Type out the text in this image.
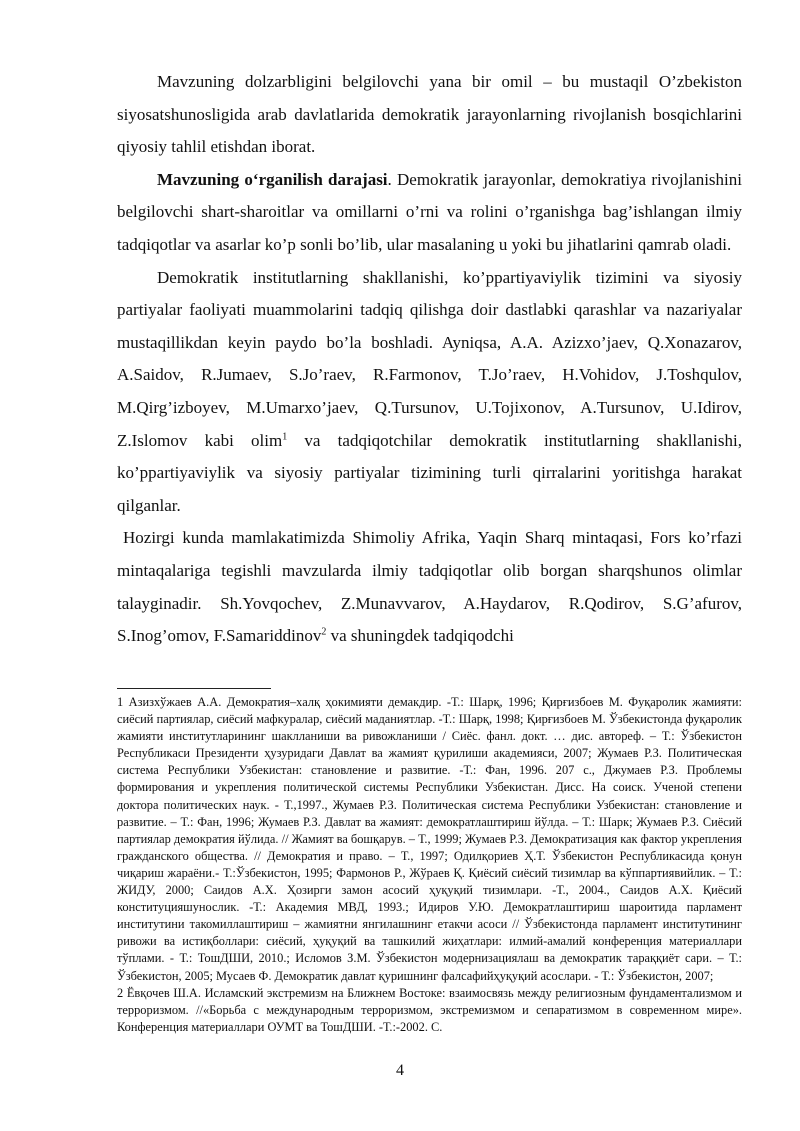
Mavzuning dolzarbligini belgilovchi yana bir omil – bu mustaqil O’zbekiston siyosatshunosligida arab davlatlarida demokratik jarayonlarning rivojlanish bosqichlarini qiyosiy tahlil etishdan iborat.

Mavzuning oʻrganilish darajasi. Demokratik jarayonlar, demokratiya rivojlanishini belgilovchi shart-sharoitlar va omillarni o’rni va rolini o’rganishga bag’ishlangan ilmiy tadqiqotlar va asarlar ko’p sonli bo’lib, ular masalaning u yoki bu jihatlarini qamrab oladi.

Demokratik institutlarning shakllanishi, ko’ppartiyaviylik tizimini va siyosiy partiyalar faoliyati muammolarini tadqiq qilishga doir dastlabki qarashlar va nazariyalar mustaqillikdan keyin paydo bo’la boshladi. Ayniqsa, A.A. Azizxo’jaev, Q.Xonazarov, A.Saidov, R.Jumaev, S.Jo’raev, R.Farmonov, T.Jo’raev, H.Vohidov, J.Toshqulov, M.Qirg’izboyev, M.Umarxo’jaev, Q.Tursunov, U.Tojixonov, A.Tursunov, U.Idirov, Z.Islomov kabi olim$^1$ va tadqiqotchilar demokratik institutlarning shakllanishi, ko’ppartiyaviylik va siyosiy partiyalar tizimining turli qirralarini yoritishga harakat qilganlar.

Hozirgi kunda mamlakatimizda Shimoliy Afrika, Yaqin Sharq mintaqasi, Fors ko’rfazi mintaqalariga tegishli mavzularda ilmiy tadqiqotlar olib borgan sharqshunos olimlar talayginadir. Sh.Yovqochev, Z.Munavvarov, A.Haydarov, R.Qodirov, S.G’afurov, S.Inog’omov, F.Samariddinov$^2$ va shuningdek tadqiqodchi

1 Азизхўжаев А.А. Демократия–халқ ҳокимияти демакдир. -Т.: Шарқ, 1996; Қирғизбоев М. Фуқаролик жамияти: сиёсий партиялар, сиёсий мафкуралар, сиёсий маданиятлар. -Т.: Шарқ, 1998; Қирғизбоев М. Ўзбекистонда фуқаролик жамияти институтларининг шаклланиши ва ривожланиши / Сиёс. фанл. докт. … дис. автореф. – Т.: Ўзбекистон Республикаси Президенти ҳузуридаги Давлат ва жамият қурилиши академияси, 2007; Жумаев Р.З. Политическая система Республики Узбекистан: становление и развитие. -Т.: Фан, 1996. 207 с., Джумаев Р.З. Проблемы формирования и укрепления политической системы Республики Узбекистан. Дисс. На соиск. Ученой степени доктора политических наук. - Т.,1997., Жумаев Р.З. Политическая система Республики Узбекистан: становление и развитие. – Т.: Фан, 1996; Жумаев Р.З. Давлат ва жамият: демократлаштириш йўлда. – Т.: Шарк; Жумаев Р.З. Сиёсий партиялар демократия йўлида. // Жамият ва бошқарув. – Т., 1999; Жумаев Р.З. Демократизация как фактор укрепления гражданского общества. // Демократия и право. – Т., 1997; Одилқориев Ҳ.Т. Ўзбекистон Республикасида қонун чиқариш жараёни.- Т.:Ўзбекистон, 1995; Фармонов Р., Жўраев Қ. Қиёсий сиёсий тизимлар ва кўппартиявийлик. – Т.: ЖИДУ, 2000; Саидов А.Х. Ҳозирги замон асосий ҳуқуқий тизимлари. -Т., 2004., Саидов А.Х. Қиёсий конституцияшунослик. -Т.: Академия МВД, 1993.; Идиров У.Ю. Демократлаштириш шароитида парламент институтини такомиллаштириш – жамиятни янгилашнинг етакчи асоси // Ўзбекистонда парламент институтининг ривожи ва истиқболлари: сиёсий, ҳуқуқий ва ташкилий жиҳатлари: илмий-амалий конференция материаллари тўплами. - Т.: ТошДШИ, 2010.; Исломов З.М. Ўзбекистон модернизациялаш ва демократик тараққиёт сари. – Т.: Ўзбекистон, 2005; Мусаев Ф. Демократик давлат қуришнинг фалсафийҳуқуқий асослари. - Т.: Ўзбекистон, 2007;

2 Ёвқочев Ш.А. Исламский экстремизм на Ближнем Востоке: взаимосвязь между религиозным фундаментализмом и терроризмом. //«Борьба с международным терроризмом, экстремизмом и сепаратизмом в современном мире». Конференция материаллари ОУМТ ва ТошДШИ. -Т.:-2002. С.

4
